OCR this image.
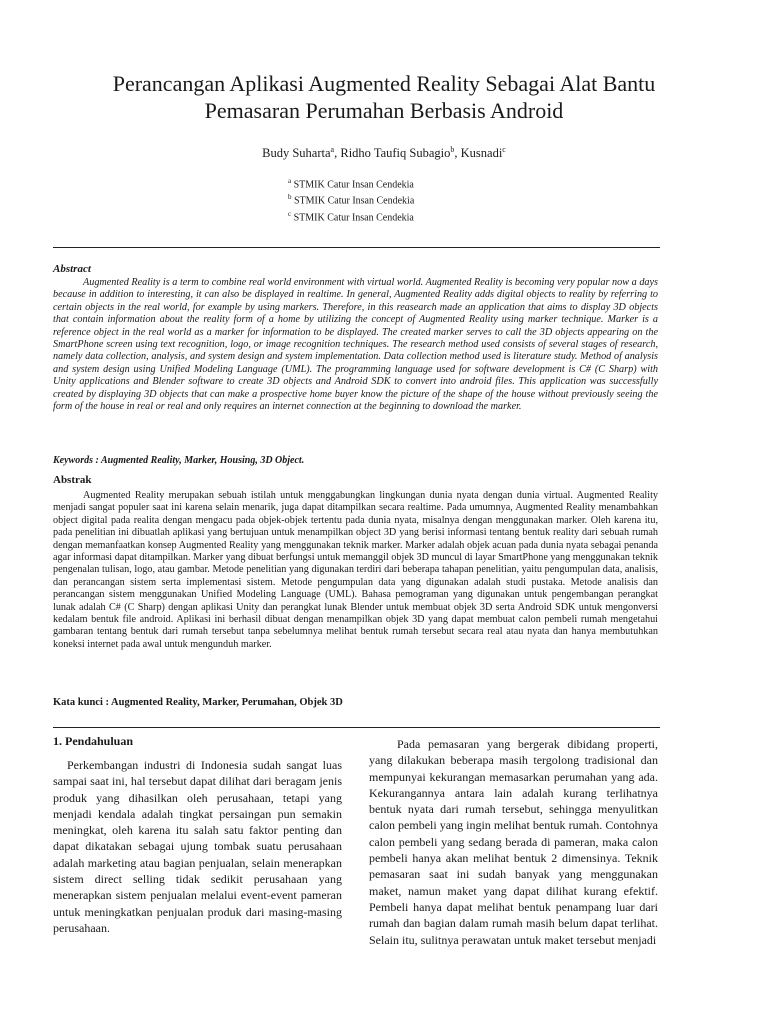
Perancangan Aplikasi Augmented Reality Sebagai Alat Bantu
Pemasaran Perumahan Berbasis Android
Budy Suharta$^a$, Ridho Taufiq Subagio$^b$, Kusnadi$^c$
$^a$ STMIK Catur Insan Cendekia
$^b$ STMIK Catur Insan Cendekia
$^c$ STMIK Catur Insan Cendekia
Abstract
Augmented Reality is a term to combine real world environment with virtual world. Augmented Reality is becoming very popular now a days because in addition to interesting, it can also be displayed in realtime. In general, Augmented Reality adds digital objects to reality by referring to certain objects in the real world, for example by using markers. Therefore, in this reasearch made an application that aims to display 3D objects that contain information about the reality form of a home by utilizing the concept of Augmented Reality using marker technique. Marker is a reference object in the real world as a marker for information to be displayed. The created marker serves to call the 3D objects appearing on the SmartPhone screen using text recognition, logo, or image recognition techniques. The research method used consists of several stages of research, namely data collection, analysis, and system design and system implementation. Data collection method used is literature study. Method of analysis and system design using Unified Modeling Language (UML). The programming language used for software development is C# (C Sharp) with Unity applications and Blender software to create 3D objects and Android SDK to convert into android files. This application was successfully created by displaying 3D objects that can make a prospective home buyer know the picture of the shape of the house without previously seeing the form of the house in real or real and only requires an internet connection at the beginning to download the marker.
Keywords : Augmented Reality, Marker, Housing, 3D Object.
Abstrak
Augmented Reality merupakan sebuah istilah untuk menggabungkan lingkungan dunia nyata dengan dunia virtual. Augmented Reality menjadi sangat populer saat ini karena selain menarik, juga dapat ditampilkan secara realtime. Pada umumnya, Augmented Reality menambahkan object digital pada realita dengan mengacu pada objek-objek tertentu pada dunia nyata, misalnya dengan menggunakan marker. Oleh karena itu, pada penelitian ini dibuatlah aplikasi yang bertujuan untuk menampilkan object 3D yang berisi informasi tentang bentuk reality dari sebuah rumah dengan memanfaatkan konsep Augmented Reality yang menggunakan teknik marker. Marker adalah objek acuan pada dunia nyata sebagai penanda agar informasi dapat ditampilkan. Marker yang dibuat berfungsi untuk memanggil objek 3D muncul di layar SmartPhone yang menggunakan teknik pengenalan tulisan, logo, atau gambar. Metode penelitian yang digunakan terdiri dari beberapa tahapan penelitian, yaitu pengumpulan data, analisis, dan perancangan sistem serta implementasi sistem. Metode pengumpulan data yang digunakan adalah studi pustaka. Metode analisis dan perancangan sistem menggunakan Unified Modeling Language (UML). Bahasa pemograman yang digunakan untuk pengembangan perangkat lunak adalah C# (C Sharp) dengan aplikasi Unity dan perangkat lunak Blender untuk membuat objek 3D serta Android SDK untuk mengonversi kedalam bentuk file android. Aplikasi ini berhasil dibuat dengan menampilkan objek 3D yang dapat membuat calon pembeli rumah mengetahui gambaran tentang bentuk dari rumah tersebut tanpa sebelumnya melihat bentuk rumah tersebut secara real atau nyata dan hanya membutuhkan koneksi internet pada awal untuk mengunduh marker.
Kata kunci : Augmented Reality, Marker, Perumahan, Objek 3D
1. Pendahuluan
Perkembangan industri di Indonesia sudah sangat luas sampai saat ini, hal tersebut dapat dilihat dari beragam jenis produk yang dihasilkan oleh perusahaan, tetapi yang menjadi kendala adalah tingkat persaingan pun semakin meningkat, oleh karena itu salah satu faktor penting dan dapat dikatakan sebagai ujung tombak suatu perusahaan adalah marketing atau bagian penjualan, selain menerapkan sistem direct selling tidak sedikit perusahaan yang menerapkan sistem penjualan melalui event-event pameran untuk meningkatkan penjualan produk dari masing-masing perusahaan.
Pada pemasaran yang bergerak dibidang properti, yang dilakukan beberapa masih tergolong tradisional dan mempunyai kekurangan memasarkan perumahan yang ada. Kekurangannya antara lain adalah kurang terlihatnya bentuk nyata dari rumah tersebut, sehingga menyulitkan calon pembeli yang ingin melihat bentuk rumah. Contohnya calon pembeli yang sedang berada di pameran, maka calon pembeli hanya akan melihat bentuk 2 dimensinya. Teknik pemasaran saat ini sudah banyak yang menggunakan maket, namun maket yang dapat dilihat kurang efektif. Pembeli hanya dapat melihat bentuk penampang luar dari rumah dan bagian dalam rumah masih belum dapat terlihat. Selain itu, sulitnya perawatan untuk maket tersebut menjadi
